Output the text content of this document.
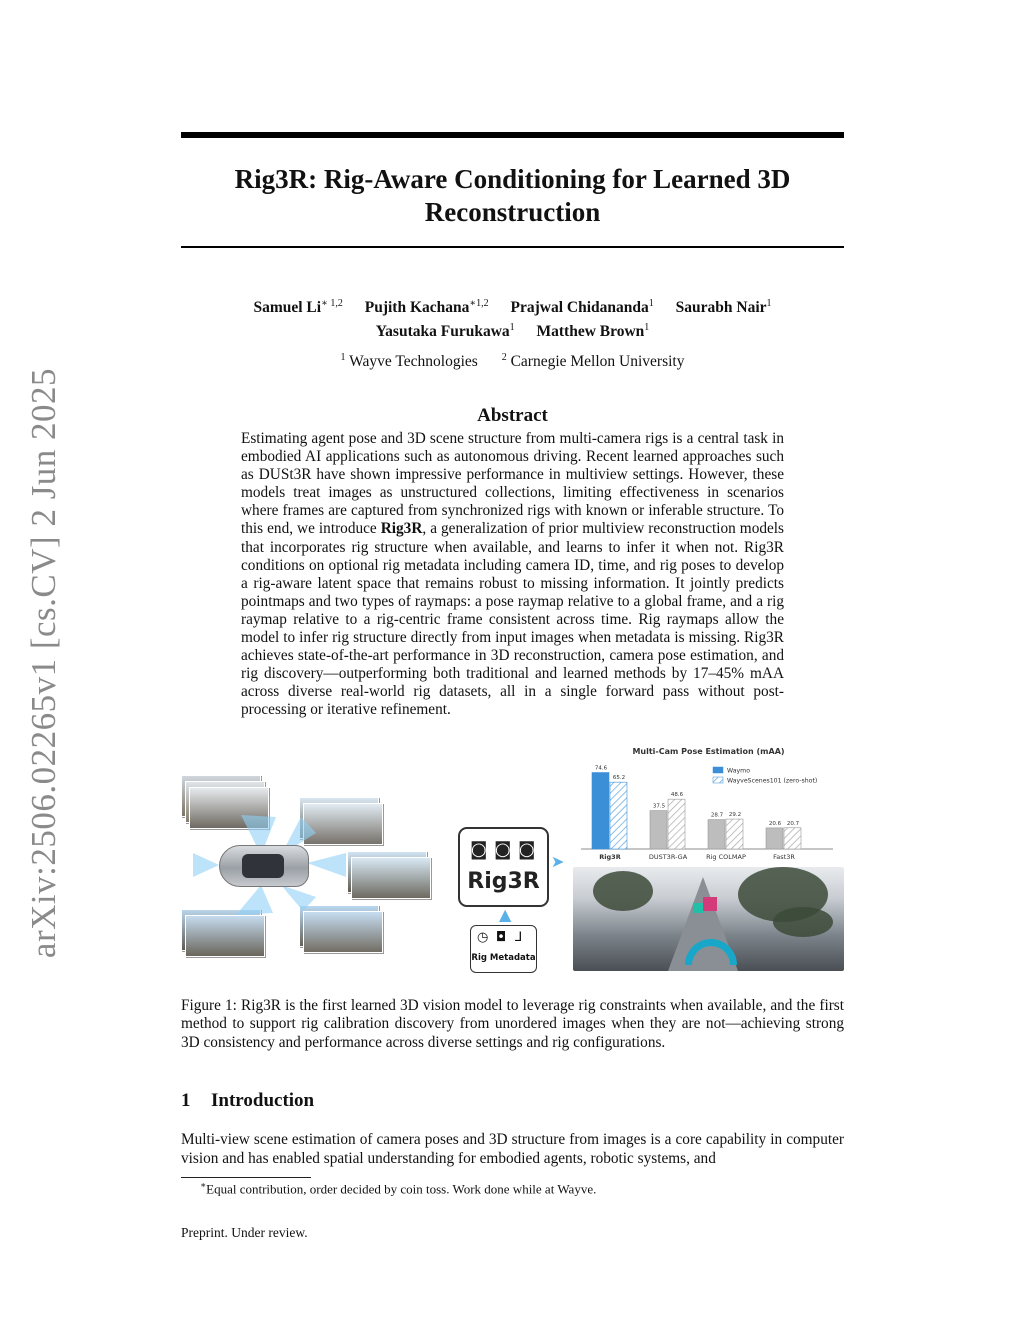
arXiv:2506.02265v1 [cs.CV] 2 Jun 2025
Rig3R: Rig-Aware Conditioning for Learned 3D Reconstruction
Samuel $Li^{∗ 1,2}$ Pujith Kachana$^{∗1,2}$ Prajwal Chidananda$^1$ Saurabh Nair$^1$
Yasutaka Furukawa$^1$ Matthew Brown$^1$
$^1$ Wayve Technologies $^2$ Carnegie Mellon University
Abstract
Estimating agent pose and 3D scene structure from multi-camera rigs is a central task in embodied AI applications such as autonomous driving. Recent learned approaches such as DUSt3R have shown impressive performance in multiview settings. However, these models treat images as unstructured collections, limiting effectiveness in scenarios where frames are captured from synchronized rigs with known or inferable structure. To this end, we introduce Rig3R, a generalization of prior multiview reconstruction models that incorporates rig structure when available, and learns to infer it when not. Rig3R conditions on optional rig metadata including camera ID, time, and rig poses to develop a rig-aware latent space that remains robust to missing information. It jointly predicts pointmaps and two types of raymaps: a pose raymap relative to a global frame, and a rig raymap relative to a rig-centric frame consistent across time. Rig raymaps allow the model to infer rig structure directly from input images when metadata is missing. Rig3R achieves state-of-the-art performance in 3D reconstruction, camera pose estimation, and rig discovery—outperforming both traditional and learned methods by 17–45% mAA across diverse real-world rig datasets, all in a single forward pass without post-processing or iterative refinement.
➤
◙ ◙ ◙
Rig3R
▲
◷ ◘ ⅃
Rig Metadata
74.6
65.2
Rig3R
37.5
48.6
DUST3R-GA
28.7 29.2
Rig COLMAP
20.6 20.7
Fast3R
Waymo
WayveScenes101 (zero-shot)
Multi-Cam Pose Estimation (mAA)
Figure 1: Rig3R is the first learned 3D vision model to leverage rig constraints when available, and the first method to support rig calibration discovery from unordered images when they are not—achieving strong 3D consistency and performance across diverse settings and rig configurations.
1 Introduction
Multi-view scene estimation of camera poses and 3D structure from images is a core capability in computer vision and has enabled spatial understanding for embodied agents, robotic systems, and
∗Equal contribution, order decided by coin toss. Work done while at Wayve.
Preprint. Under review.
